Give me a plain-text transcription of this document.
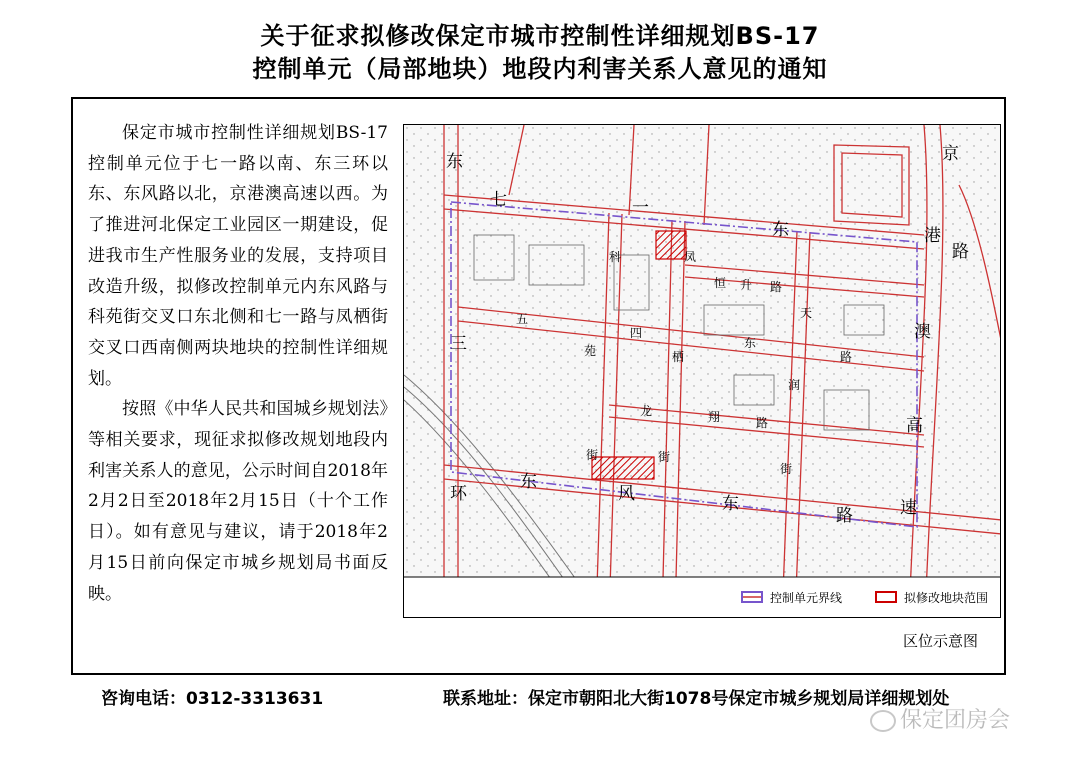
关于征求拟修改保定市城市控制性详细规划BS-17
控制单元（局部地块）地段内利害关系人意见的通知

保定市城市控制性详细规划BS-17控制单元位于七一路以南、东三环以东、东风路以北，京港澳高速以西。为了推进河北保定工业园区一期建设，促进我市生产性服务业的发展，支持项目改造升级，拟修改控制单元内东风路与科苑街交叉口东北侧和七一路与凤栖街交叉口西南侧两块地块的控制性详细规划。

按照《中华人民共和国城乡规划法》等相关要求，现征求拟修改规划地段内利害关系人的意见，公示时间自2018年2月2日至2018年2月15日（十个工作日）。如有意见与建议，请于2018年2月15日前向保定市城乡规划局书面反映。

东
七	一
东	港
京
路
科	凤
恒 升 路
天
五
四
三	苑	栖
东
路
澳
润
龙	翔	路	高
街	街
街
环
东
风	东
路	速
控制单元界线	拟修改地块范围
区位示意图
咨询电话：0312-3313631	联系地址：保定市朝阳北大街1078号保定市城乡规划局详细规划处
保定团房会
